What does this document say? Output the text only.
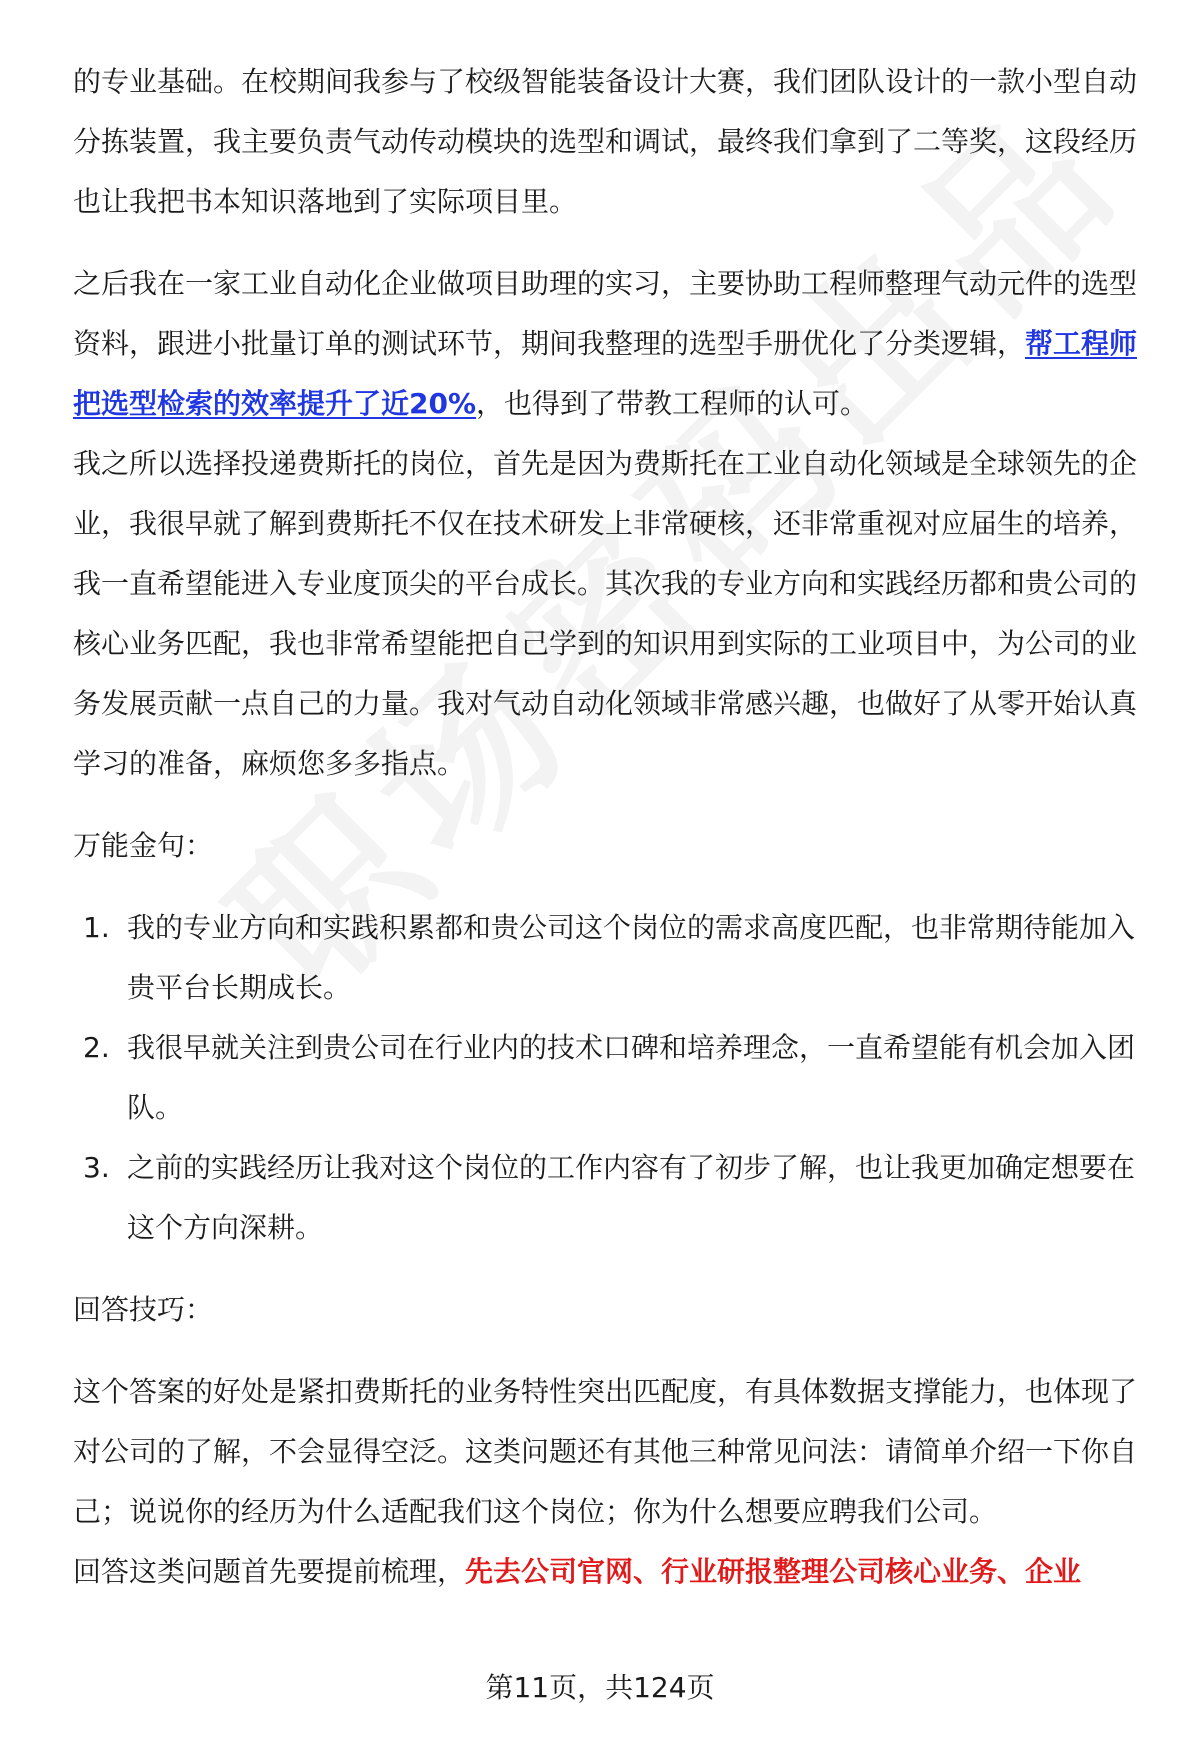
的专业基础。在校期间我参与了校级智能装备设计大赛，我们团队设计的一款小型自动分拣装置，我主要负责气动传动模块的选型和调试，最终我们拿到了二等奖，这段经历也让我把书本知识落地到了实际项目里。

之后我在一家工业自动化企业做项目助理的实习，主要协助工程师整理气动元件的选型资料，跟进小批量订单的测试环节，期间我整理的选型手册优化了分类逻辑，帮工程师把选型检索的效率提升了近20%，也得到了带教工程师的认可。

我之所以选择投递费斯托的岗位，首先是因为费斯托在工业自动化领域是全球领先的企业，我很早就了解到费斯托不仅在技术研发上非常硬核，还非常重视对应届生的培养，我一直希望能进入专业度顶尖的平台成长。其次我的专业方向和实践经历都和贵公司的核心业务匹配，我也非常希望能把自己学到的知识用到实际的工业项目中，为公司的业务发展贡献一点自己的力量。我对气动自动化领域非常感兴趣，也做好了从零开始认真学习的准备，麻烦您多多指点。

万能金句：

1. 我的专业方向和实践积累都和贵公司这个岗位的需求高度匹配，也非常期待能加入贵平台长期成长。
2. 我很早就关注到贵公司在行业内的技术口碑和培养理念，一直希望能有机会加入团队。
3. 之前的实践经历让我对这个岗位的工作内容有了初步了解，也让我更加确定想要在这个方向深耕。

回答技巧：

这个答案的好处是紧扣费斯托的业务特性突出匹配度，有具体数据支撑能力，也体现了对公司的了解，不会显得空泛。这类问题还有其他三种常见问法：请简单介绍一下你自己；说说你的经历为什么适配我们这个岗位；你为什么想要应聘我们公司。

回答这类问题首先要提前梳理，先去公司官网、行业研报整理公司核心业务、企业

第11页，共124页
